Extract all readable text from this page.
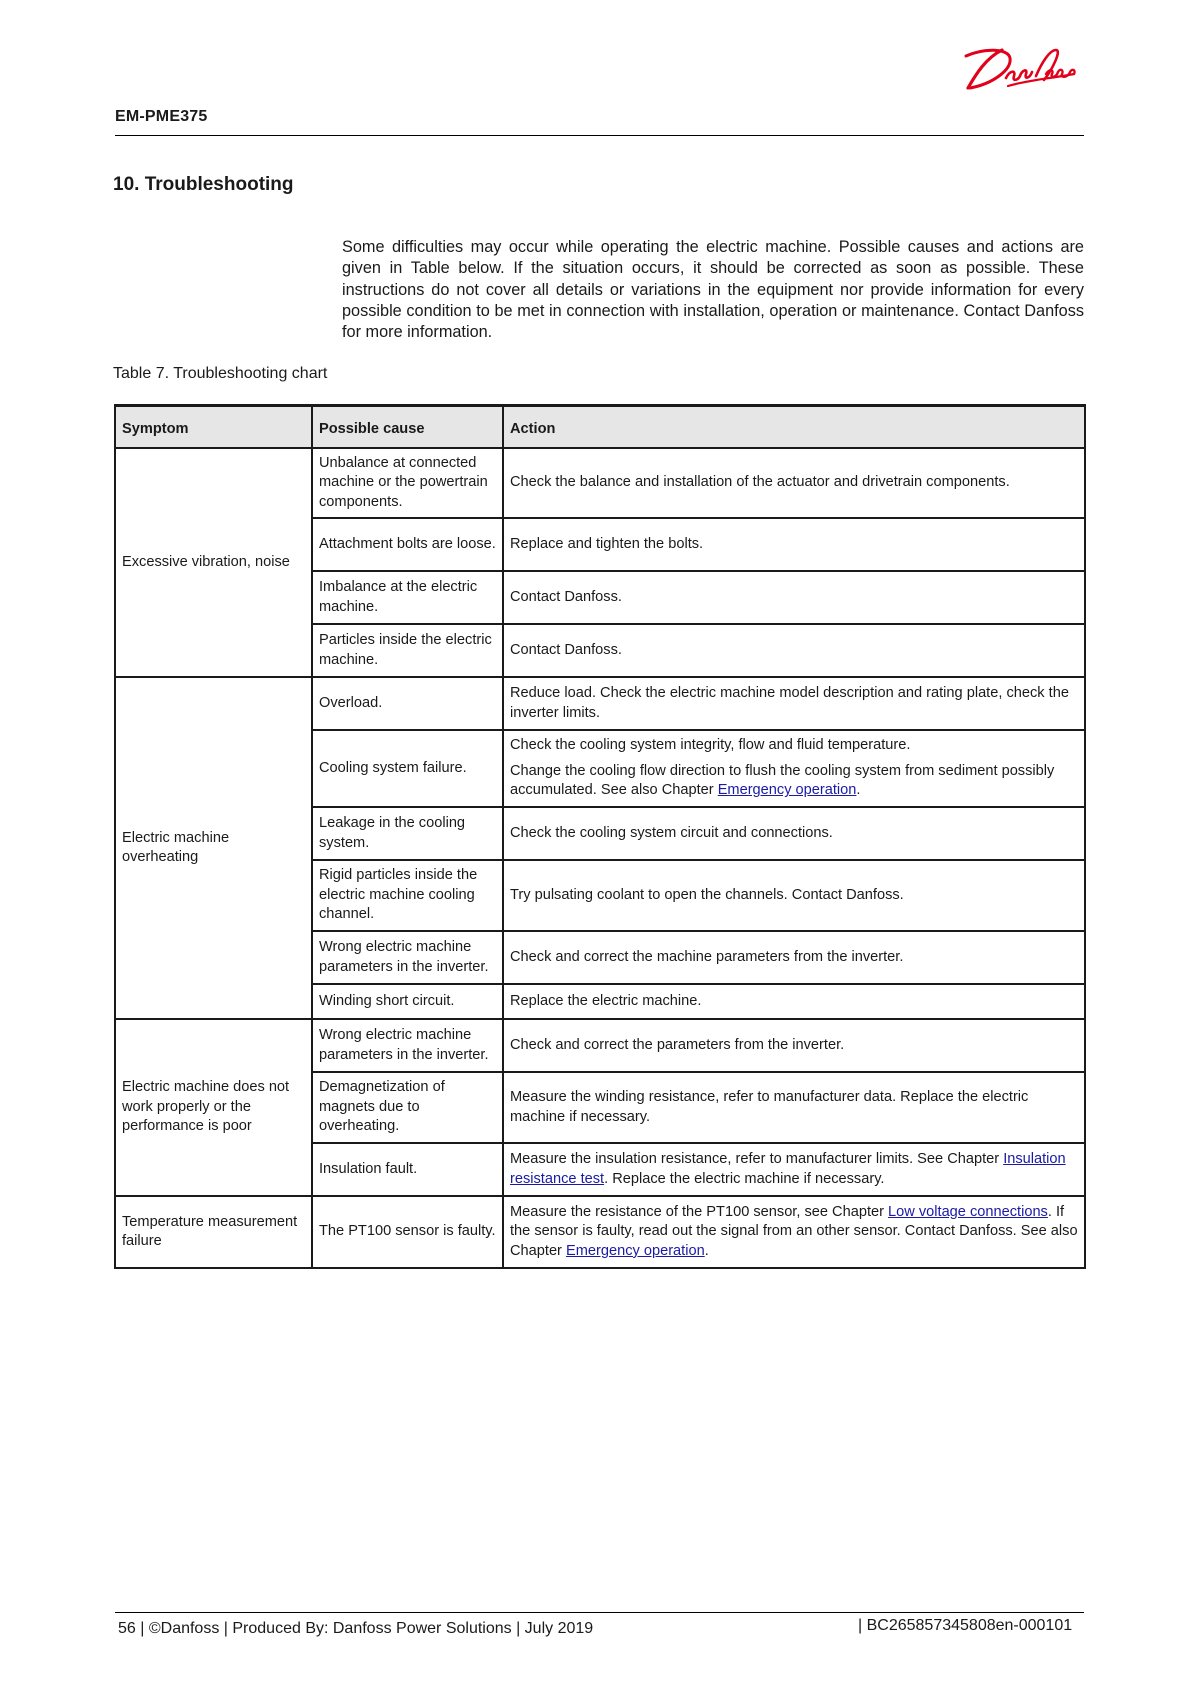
EM-PME375
10. Troubleshooting

Some difficulties may occur while operating the electric machine. Possible causes and actions are given in Table below. If the situation occurs, it should be corrected as soon as possible. These instructions do not cover all details or variations in the equipment nor provide information for every possible condition to be met in connection with installation, operation or maintenance. Contact Danfoss for more information.

Table 7. Troubleshooting chart
Symptom	Possible cause	Action
Excessive vibration, noise	Unbalance at connected machine or the powertrain components.	Check the balance and installation of the actuator and drivetrain components.

	Attachment bolts are loose.	Replace and tighten the bolts.

	Imbalance at the electric machine.	Contact Danfoss.

	Particles inside the electric machine.	Contact Danfoss.

Electric machine overheating	Overload.	Reduce load. Check the electric machine model description and rating plate, check the inverter limits.

	Cooling system failure.	Check the cooling system integrity, flow and fluid temperature.
Change the cooling flow direction to flush the cooling system from sediment possibly accumulated. See also Chapter Emergency operation.

	Leakage in the cooling system.	Check the cooling system circuit and connections.

	Rigid particles inside the electric machine cooling channel.	Try pulsating coolant to open the channels. Contact Danfoss.

	Wrong electric machine parameters in the inverter.	Check and correct the machine parameters from the inverter.

	Winding short circuit.	Replace the electric machine.

Electric machine does not work properly or the performance is poor	Wrong electric machine parameters in the inverter.	Check and correct the parameters from the inverter.

	Demagnetization of magnets due to overheating.	Measure the winding resistance, refer to manufacturer data. Replace the electric machine if necessary.

	Insulation fault.	Measure the insulation resistance, refer to manufacturer limits. See Chapter Insulation resistance test. Replace the electric machine if necessary.

Temperature measurement failure	The PT100 sensor is faulty.	Measure the resistance of the PT100 sensor, see Chapter Low voltage connections. If the sensor is faulty, read out the signal from an other sensor. Contact Danfoss. See also Chapter Emergency operation.
56 | ©Danfoss | Produced By: Danfoss Power Solutions | July 2019	| BC265857345808en-000101
